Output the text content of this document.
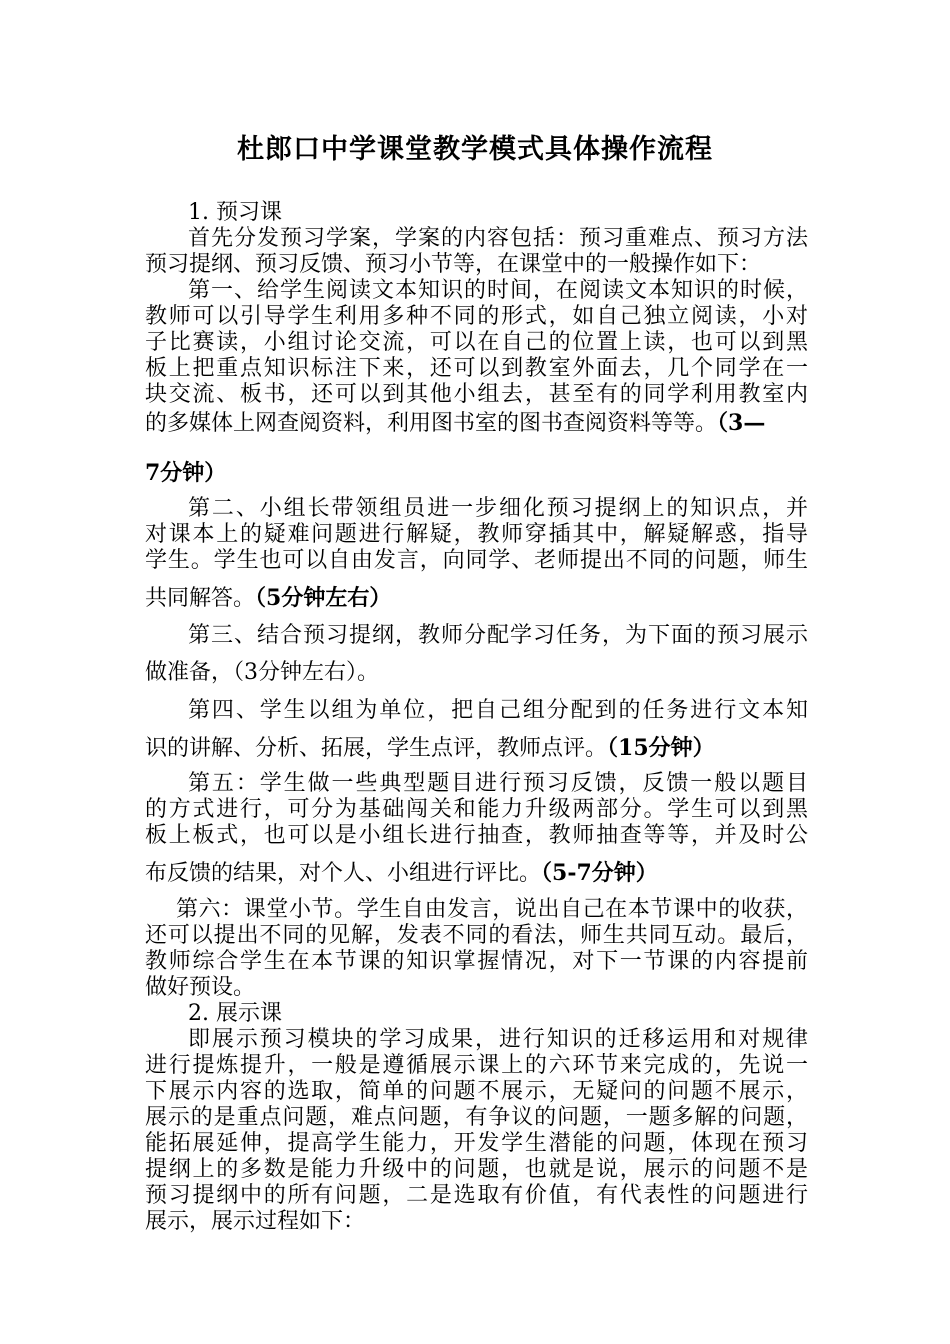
杜郎口中学课堂教学模式具体操作流程
1. 预习课
首先分发预习学案，学案的内容包括：预习重难点、预习方法
预习提纲、预习反馈、预习小节等，在课堂中的一般操作如下：
第一、给学生阅读文本知识的时间，在阅读文本知识的时候，
教师可以引导学生利用多种不同的形式，如自己独立阅读，小对
子比赛读，小组讨论交流，可以在自己的位置上读，也可以到黑
板上把重点知识标注下来，还可以到教室外面去，几个同学在一
块交流、板书，还可以到其他小组去，甚至有的同学利用教室内
的多媒体上网查阅资料，利用图书室的图书查阅资料等等。（3—
7分钟）
第二、小组长带领组员进一步细化预习提纲上的知识点，并
对课本上的疑难问题进行解疑，教师穿插其中，解疑解惑，指导
学生。学生也可以自由发言，向同学、老师提出不同的问题，师生
共同解答。（5分钟左右）
第三、结合预习提纲，教师分配学习任务，为下面的预习展示
做准备，（3分钟左右）。
第四、学生以组为单位，把自己组分配到的任务进行文本知
识的讲解、分析、拓展，学生点评，教师点评。（15分钟）
第五：学生做一些典型题目进行预习反馈，反馈一般以题目
的方式进行，可分为基础闯关和能力升级两部分。学生可以到黑
板上板式，也可以是小组长进行抽查，教师抽查等等，并及时公
布反馈的结果，对个人、小组进行评比。（5-7分钟）
第六：课堂小节。学生自由发言，说出自己在本节课中的收获，
还可以提出不同的见解，发表不同的看法，师生共同互动。最后，
教师综合学生在本节课的知识掌握情况，对下一节课的内容提前
做好预设。
2. 展示课
即展示预习模块的学习成果，进行知识的迁移运用和对规律
进行提炼提升，一般是遵循展示课上的六环节来完成的，先说一
下展示内容的选取，简单的问题不展示，无疑问的问题不展示，
展示的是重点问题，难点问题，有争议的问题，一题多解的问题，
能拓展延伸，提高学生能力，开发学生潜能的问题，体现在预习
提纲上的多数是能力升级中的问题，也就是说，展示的问题不是
预习提纲中的所有问题，二是选取有价值，有代表性的问题进行
展示，展示过程如下：
